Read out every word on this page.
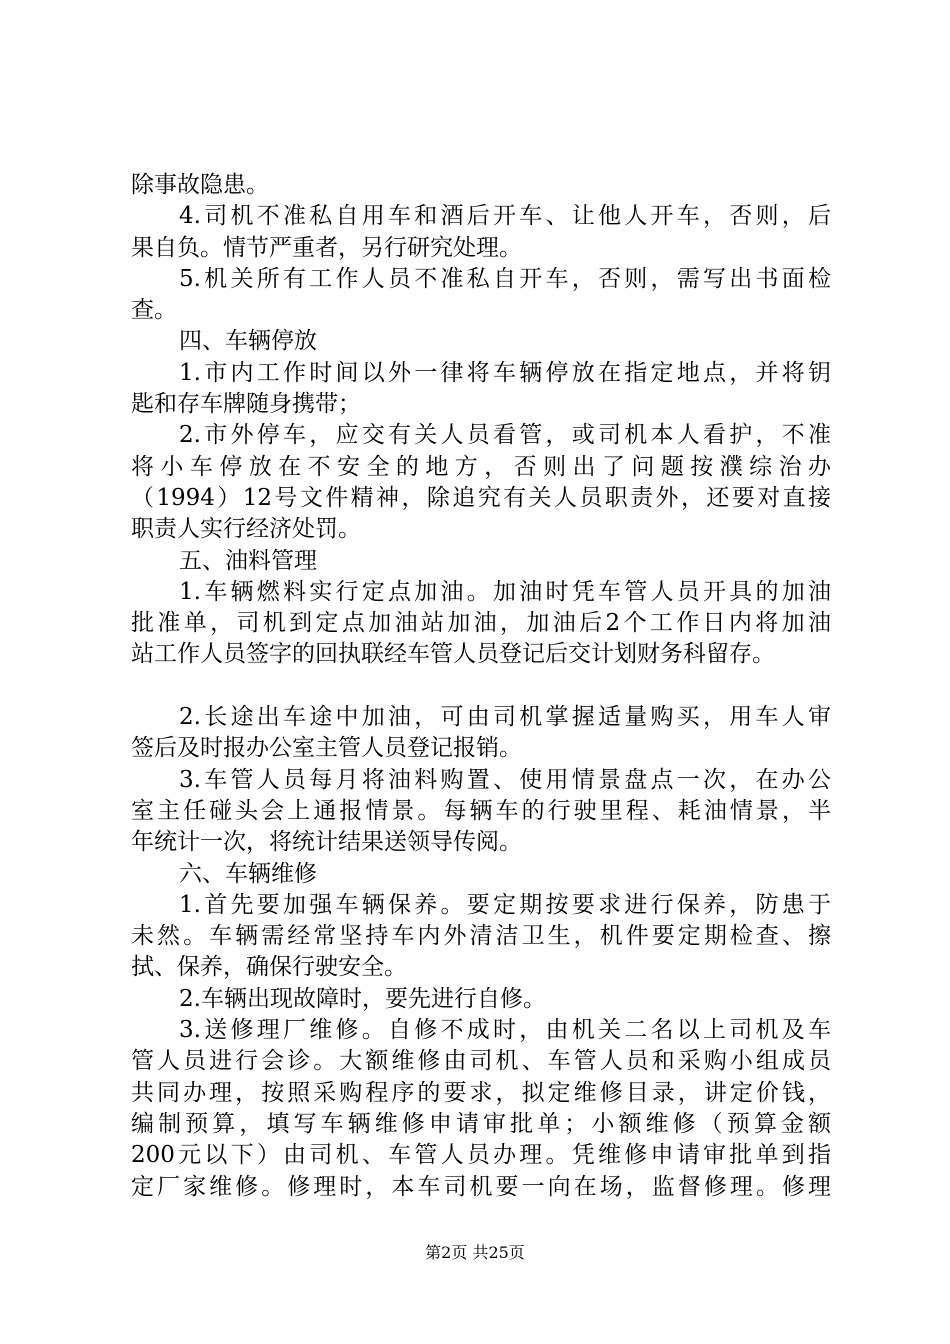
除事故隐患。

4.司机不准私自用车和酒后开车、让他人开车，否则，后

果自负。情节严重者，另行研究处理。

5.机关所有工作人员不准私自开车，否则，需写出书面检

查。

四、车辆停放

1.市内工作时间以外一律将车辆停放在指定地点，并将钥

匙和存车牌随身携带；

2.市外停车，应交有关人员看管，或司机本人看护，不准

将小车停放在不安全的地方，否则出了问题按濮综治办

（1994）12号文件精神，除追究有关人员职责外，还要对直接

职责人实行经济处罚。

五、油料管理

1.车辆燃料实行定点加油。加油时凭车管人员开具的加油

批准单，司机到定点加油站加油，加油后2个工作日内将加油

站工作人员签字的回执联经车管人员登记后交计划财务科留存。

2.长途出车途中加油，可由司机掌握适量购买，用车人审

签后及时报办公室主管人员登记报销。

3.车管人员每月将油料购置、使用情景盘点一次，在办公

室主任碰头会上通报情景。每辆车的行驶里程、耗油情景，半

年统计一次，将统计结果送领导传阅。

六、车辆维修

1.首先要加强车辆保养。要定期按要求进行保养，防患于

未然。车辆需经常坚持车内外清洁卫生，机件要定期检查、擦

拭、保养，确保行驶安全。

2.车辆出现故障时，要先进行自修。

3.送修理厂维修。自修不成时，由机关二名以上司机及车

管人员进行会诊。大额维修由司机、车管人员和采购小组成员

共同办理，按照采购程序的要求，拟定维修目录，讲定价钱，

编制预算，填写车辆维修申请审批单；小额维修（预算金额

200元以下）由司机、车管人员办理。凭维修申请审批单到指

定厂家维修。修理时，本车司机要一向在场，监督修理。修理

第2页 共25页
